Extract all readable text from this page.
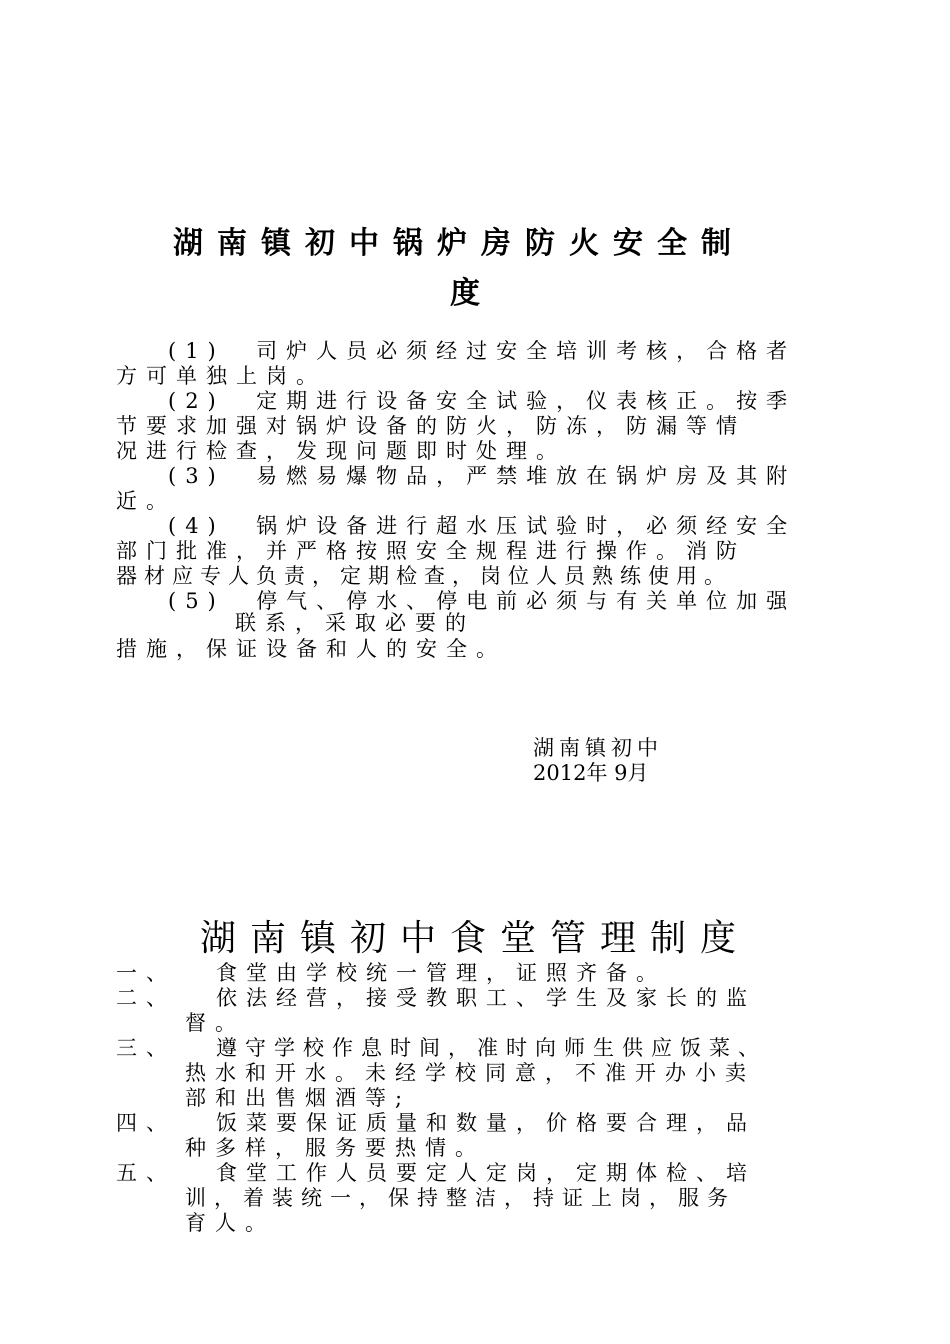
湖南镇初中锅炉房防火安全制
度
(1)  司炉人员必须经过安全培训考核，合格者
方可单独上岗。
(2)  定期进行设备安全试验，仪表核正。按季
节要求加强对锅炉设备的防火，防冻，防漏等情
况进行检查，发现问题即时处理。
(3)  易燃易爆物品，严禁堆放在锅炉房及其附
近。
(4)  锅炉设备进行超水压试验时，必须经安全
部门批准，并严格按照安全规程进行操作。消防
器材应专人负责，定期检查，岗位人员熟练使用。
(5)  停气、停水、停电前必须与有关单位加强
联系，采取必要的
措施，保证设备和人的安全。
湖南镇初中
2012年 9月
湖南镇初中食堂管理制度
一、 食堂由学校统一管理，证照齐备。
二、 依法经营，接受教职工、学生及家长的监
督。
三、 遵守学校作息时间，准时向师生供应饭菜、
热水和开水。未经学校同意，不准开办小卖
部和出售烟酒等;
四、 饭菜要保证质量和数量，价格要合理，品
种多样，服务要热情。
五、 食堂工作人员要定人定岗，定期体检、培
训，着装统一，保持整洁，持证上岗，服务
育人。
